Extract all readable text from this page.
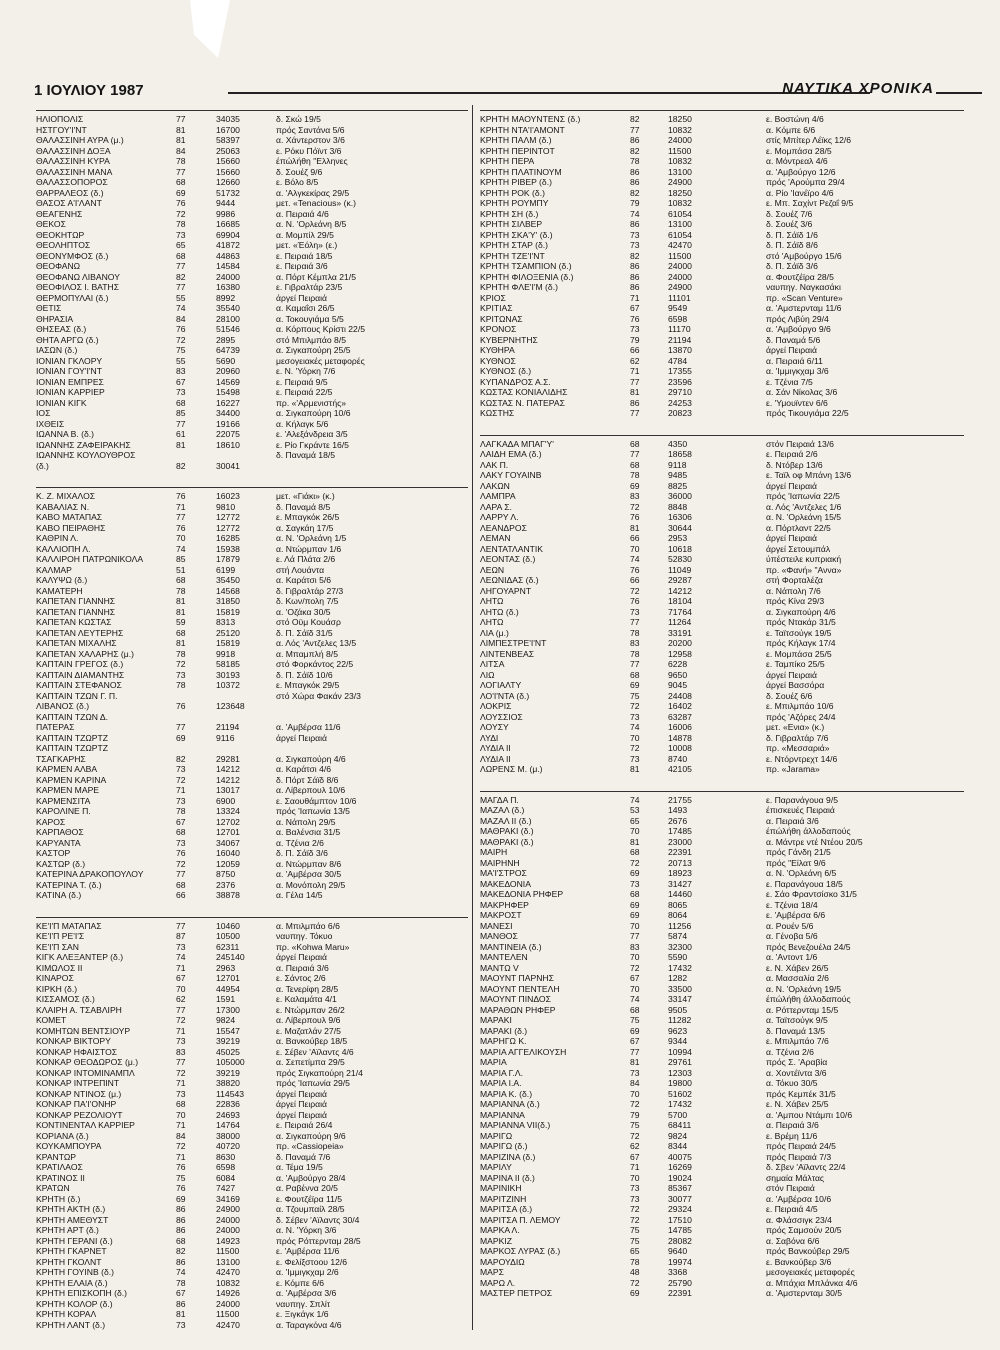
1 ΙΟΥΛΙΟΥ 1987	ΝΑΥΤΙΚΑ ΧΡΟΝΙΚΑ
ΗΛΙΟΠΟΛΙΣ	77	34035	δ. Σκώ 19/5
ΗΣΤΓΟΥ'Ι'ΝΤ	81	16700	πρός Σαντάνα 5/6
ΘΑΛΑΣΣΙΝΗ ΑΥΡΑ (μ.)	81	58397	α. Χάντερστον 3/6
ΘΑΛΑΣΣΙΝΗ ΔΟΞΑ	84	25063	ε. Ρόκυ Πόϊντ 3/6
ΘΑΛΑΣΣΙΝΗ ΚΥΡΑ	78	15660	έπώλήθη "Ελληνες
ΘΑΛΑΣΣΙΝΗ ΜΑΝΑ	77	15660	δ. Σουέζ 9/6
ΘΑΛΑΣΣΟΠΟΡΟΣ	68	12660	ε. Βόλο 8/5
ΘΑΡΡΑΛΕΟΣ (δ.)	69	51732	α. 'Αλγκεκίρας 29/5
ΘΑΣΟΣ Α'Ι'ΛΑΝΤ	76	9444	μετ. «Tenacious» (κ.)
ΘΕΑΓΕΝΗΣ	72	9986	α. Πειραιά 4/6
ΘΕΚΟΣ	78	16685	α. Ν. 'Ορλεάνη 8/5
ΘΕΟΚΗΤΩΡ	73	69904	α. Μομπίλ 29/5
ΘΕΟΛΗΠΤΟΣ	65	41872	μετ. «Έόλη» (ε.)
ΘΕΟΝΥΜΦΟΣ (δ.)	68	44863	ε. Πειραιά 18/5
ΘΕΟΦΑΝΩ	77	14584	ε. Πειραιά 3/6
ΘΕΟΦΑΝΩ ΛΙΒΑΝΟΥ	82	24000	α. Πόρτ Κέμπλα 21/5
ΘΕΟΦΙΛΟΣ Ι. ΒΑΤΗΣ	77	16380	ε. Γιβραλτάρ 23/5
ΘΕΡΜΟΠΥΛΑΙ (δ.)	55	8992	άργεί Πειραιά
ΘΕΤΙΣ	74	35540	α. Καμαΐσι 26/5
ΘΗΡΑΣΙΑ	84	28100	α. Τοκουγιάμα 5/5
ΘΗΣΕΑΣ (δ.)	76	51546	α. Κόρπους Κρίστι 22/5
ΘΗΤΑ ΑΡΓΩ (δ.)	72	2895	στό Μπιλμπάο 8/5
ΙΑΣΩΝ (δ.)	75	64739	α. Σιγκαπούρη 25/5
ΙΟΝΙΑΝ ΓΚΛΟΡΥ	55	5690	μεσογειακές μεταφορές
ΙΟΝΙΑΝ ΓΟΥ'Ι'ΝΤ	83	20960	ε. Ν. 'Υόρκη 7/6
ΙΟΝΙΑΝ ΕΜΠΡΕΣ	67	14569	ε. Πειραιά 9/5
ΙΟΝΙΑΝ ΚΑΡΡΙΕΡ	73	15498	ε. Πειραιά 22/5
ΙΟΝΙΑΝ ΚΙΓΚ	68	16227	πρ. «'Αρμενιστής»
ΙΟΣ	85	34400	α. Σιγκαπούρη 10/6
ΙΧΘΕΙΣ	77	19166	α. Κήλαγκ 5/6
ΙΩΑΝΝΑ Β. (δ.)	61	22075	ε. 'Αλεξάνδρεια 3/5
ΙΩΑΝΝΗΣ ΖΑΦΕΙΡΑΚΗΣ	81	18610	ε. Ρίο Γκράντε 16/5
ΙΩΑΝΝΗΣ ΚΟΥΛΟΥΘΡΟΣ	δ. Παναμά 18/5
(δ.)	82	30041
Κ. Ζ. ΜΙΧΑΛΟΣ	76	16023	μετ. «Γιάκι» (κ.)
ΚΑΒΑΛΙΑΣ Ν.	71	9810	δ. Παναμά 8/5
ΚΑΒΟ ΜΑΤΑΠΑΣ	77	12772	ε. Μπαγκόκ 26/5
ΚΑΒΟ ΠΕΙΡΑΘΗΣ	76	12772	α. Σαγκάη 17/5
ΚΑΘΡΙΝ Λ.	70	16285	α. Ν. 'Ορλεάνη 1/5
ΚΑΛΛΙΟΠΗ Λ.	74	15938	α. Ντώρμπαν 1/6
ΚΑΛΛΙΡΟΗ ΠΑΤΡΩΝΙΚΟΛΑ	85	17879	ε. Λά Πλάτα 2/6
ΚΑΛΜΑΡ	51	6199	στή Λουάντα
ΚΑΛΥΨΩ (δ.)	68	35450	α. Καράτσι 5/6
ΚΑΜΑΤΕΡΗ	78	14568	δ. Γιβραλτάρ 27/3
ΚΑΠΕΤΑΝ ΓΙΑΝΝΗΣ	81	31850	δ. Κων/πολη 7/5
ΚΑΠΕΤΑΝ ΓΙΑΝΝΗΣ	81	15819	α. 'Οζάκα 30/5
ΚΑΠΕΤΑΝ ΚΩΣΤΑΣ	59	8313	στό Οϋμ Κουάσρ
ΚΑΠΕΤΑΝ ΛΕΥΤΕΡΗΣ	68	25120	δ. Π. Σάϊδ 31/5
ΚΑΠΕΤΑΝ ΜΙΧΑΛΗΣ	81	15819	α. Λός 'Αντζελες 13/5
ΚΑΠΕΤΑΝ ΧΑΛΑΡΗΣ (μ.)	78	9918	α. Μπαμπλή 8/5
ΚΑΠΤΑΙΝ ΓΡΕΓΟΣ (δ.)	72	58185	στό Φορκάντος 22/5
ΚΑΠΤΑΙΝ ΔΙΑΜΑΝΤΗΣ	73	30193	δ. Π. Σάϊδ 10/6
ΚΑΠΤΑΙΝ ΣΤΕΦΑΝΟΣ	78	10372	ε. Μπαγκόκ 29/5
ΚΑΠΤΑΙΝ ΤΖΩΝ Γ. Π.	στό Χώρα Φακάν 23/3
ΛΙΒΑΝΟΣ (δ.)	76	123648
ΚΑΠΤΑΙΝ ΤΖΩΝ Δ.
ΠΑΤΕΡΑΣ	77	21194	α. 'Αμβέρσα 11/6
ΚΑΠΤΑΙΝ ΤΖΩΡΤΖ	69	9116	άργεί Πειραιά
ΚΑΠΤΑΙΝ ΤΖΩΡΤΖ
ΤΣΑΓΚΑΡΗΣ	82	29281	α. Σιγκαπούρη 4/6
ΚΑΡΜΕΝ ΑΛΒΑ	73	14212	α. Καράτσι 4/6
ΚΑΡΜΕΝ ΚΑΡΙΝΑ	72	14212	δ. Πόρτ Σάϊδ 8/6
ΚΑΡΜΕΝ ΜΑΡΕ	71	13017	α. Λίβερπουλ 10/6
ΚΑΡΜΕΝΣΙΤΑ	73	6900	ε. Σαουθάμπτον 10/6
ΚΑΡΟΛΙΝΕ Π.	78	13324	πρός 'Ιαπωνία 13/5
ΚΑΡΟΣ	67	12702	α. Νάπολη 29/5
ΚΑΡΠΑΘΟΣ	68	12701	α. Βαλένσια 31/5
ΚΑΡΥΑΝΤΑ	73	34067	α. Τζένια 2/6
ΚΑΣΤΟΡ	76	16040	δ. Π. Σάϊδ 3/6
ΚΑΣΤΩΡ (δ.)	72	12059	α. Ντώρμπαν 8/6
ΚΑΤΕΡΙΝΑ ΔΡΑΚΟΠΟΥΛΟΥ	77	8750	α. 'Αμβέρσα 30/5
ΚΑΤΕΡΙΝΑ Τ. (δ.)	68	2376	α. Μονόπολη 29/5
ΚΑΤΙΝΑ (δ.)	66	38878	α. Γέλα 14/5
ΚΕ'Ι'Π ΜΑΤΑΠΑΣ	77	10460	α. Μπιλμπάο 6/6
ΚΕ'Ι'Π ΡΕ'Ι'Σ	87	10500	ναυπηγ. Τόκυο
ΚΕ'Ι'Π ΣΑΝ	73	62311	πρ. «Kohwa Maru»
ΚΙΓΚ ΑΛΕΞΑΝΤΕΡ (δ.)	74	245140	άργεί Πειραιά
ΚΙΜΩΛΟΣ ΙΙ	71	2963	α. Πειραιά 3/6
ΚΙΝΑΡΟΣ	67	12701	ε. Σάντος 2/6
ΚΙΡΚΗ (δ.)	70	44954	α. Τενερίφη 28/5
ΚΙΣΣΑΜΟΣ (δ.)	62	1591	ε. Καλαμάτα 4/1
ΚΛΑΙΡΗ Α. ΤΣΑΒΛΙΡΗ	77	17300	ε. Ντώρμπαν 26/2
ΚΟΜΕΤ	72	9824	α. Λίβερπουλ 9/6
ΚΟΜΗΤΩΝ ΒΕΝΤΣΙΟΥΡ	71	15547	ε. Μαζατλάν 27/5
ΚΟΝΚΑΡ ΒΙΚΤΟΡΥ	73	39219	α. Βανκούβερ 18/5
ΚΟΝΚΑΡ ΗΦΑΙΣΤΟΣ	83	45025	ε. Σέβεν 'Αϊλαντς 4/6
ΚΟΝΚΑΡ ΘΕΟΔΩΡΟΣ (μ.)	77	105000	α. Σεπετίμπα 29/5
ΚΟΝΚΑΡ ΙΝΤΟΜΙΝΑΜΠΛ	72	39219	πρός Σιγκαπούρη 21/4
ΚΟΝΚΑΡ ΙΝΤΡΕΠΙΝΤ	71	38820	πρός 'Ιαπωνία 29/5
ΚΟΝΚΑΡ ΝΤΙΝΟΣ (μ.)	73	114543	άργεί Πειραιά
ΚΟΝΚΑΡ ΠΑ'Ι'ΟΝΗΡ	68	22836	άργεί Πειραιά
ΚΟΝΚΑΡ ΡΕΖΟΛΙΟΥΤ	70	24693	άργεί Πειραιά
ΚΟΝΤΙΝΕΝΤΑΛ ΚΑΡΡΙΕΡ	71	14764	ε. Πειραιά 26/4
ΚΟΡΙΑΝΑ (δ.)	84	38000	α. Σιγκαπούρη 9/6
ΚΟΥΚΑΜΠΟΥΡΑ	72	40720	πρ. «Cassiopeia»
ΚΡΑΝΤΩΡ	71	8630	δ. Παναμά 7/6
ΚΡΑΤΙΛΑΟΣ	76	6598	α. Τέμα 19/5
ΚΡΑΤΙΝΟΣ ΙΙ	75	6084	α. 'Αμβούργο 28/4
ΚΡΑΤΩΝ	76	7427	α. Ραβέννα 20/5
ΚΡΗΤΗ (δ.)	69	34169	ε. Φουτζέϊρα 11/5
ΚΡΗΤΗ ΑΚΤΗ (δ.)	86	24900	α. Τζουμπαίλ 28/5
ΚΡΗΤΗ ΑΜΕΘΥΣΤ	86	24000	δ. Σέβεν 'Αϊλαντς 30/4
ΚΡΗΤΗ ΑΡΤ (δ.)	86	24000	α. Ν. 'Υόρκη 3/6
ΚΡΗΤΗ ΓΕΡΑΝΙ (δ.)	68	14923	πρός Ρόττερνταμ 28/5
ΚΡΗΤΗ ΓΚΑΡΝΕΤ	82	11500	ε. 'Αμβέρσα 11/6
ΚΡΗΤΗ ΓΚΟΛΝΤ	86	13100	ε. Φελίξστοου 12/6
ΚΡΗΤΗ ΓΟΥΙΝΒ (δ.)	74	42470	α. 'Ιμμιγκχαμ 2/6
ΚΡΗΤΗ ΕΛΑΙΑ (δ.)	78	10832	ε. Κόμπε 6/6
ΚΡΗΤΗ ΕΠΙΣΚΟΠΗ (δ.)	67	14926	α. 'Αμβέρσα 3/6
ΚΡΗΤΗ ΚΟΛΟΡ (δ.)	86	24000	ναυπηγ. Σπλίτ
ΚΡΗΤΗ ΚΟΡΑΛ	81	11500	ε. Ξιγκάγκ 1/6
ΚΡΗΤΗ ΛΑΝΤ (δ.)	73	42470	α. Ταραγκόνα 4/6
ΚΡΗΤΗ ΜΑΟΥΝΤΕΝΣ (δ.)	82	18250	ε. Βοστώνη 4/6
ΚΡΗΤΗ ΝΤΑ'Ι'ΑΜΟΝΤ	77	10832	α. Κόμπε 6/6
ΚΡΗΤΗ ΠΑΛΜ (δ.)	86	24000	στίς Μπίτερ Λέϊκς 12/6
ΚΡΗΤΗ ΠΕΡΙΝΤΟΤ	82	11500	ε. Μομπάσα 28/5
ΚΡΗΤΗ ΠΕΡΑ	78	10832	α. Μόντρεαλ 4/6
ΚΡΗΤΗ ΠΛΑΤΙΝΟΥΜ	86	13100	α. 'Αμβούργο 12/6
ΚΡΗΤΗ ΡΙΒΕΡ (δ.)	86	24900	πρός 'Αρούμπα 29/4
ΚΡΗΤΗ ΡΟΚ (δ.)	82	18250	α. Ρίο 'Ιανέϊρο 4/6
ΚΡΗΤΗ ΡΟΥΜΠΥ	79	10832	ε. Μπ. Σαχίντ Ρεζαΐ 9/5
ΚΡΗΤΗ ΣΗ (δ.)	74	61054	δ. Σουέζ 7/6
ΚΡΗΤΗ ΣΙΛΒΕΡ	86	13100	δ. Σουέζ 3/6
ΚΡΗΤΗ ΣΚΑ'Υ' (δ.)	73	61054	δ. Π. Σάϊδ 1/6
ΚΡΗΤΗ ΣΤΑΡ (δ.)	73	42470	δ. Π. Σάϊδ 8/6
ΚΡΗΤΗ ΤΖΕ'Ι'ΝΤ	82	11500	στό 'Αμβούργο 15/6
ΚΡΗΤΗ ΤΣΑΜΠΙΟΝ (δ.)	86	24000	δ. Π. Σάϊδ 3/6
ΚΡΗΤΗ ΦΙΛΟΞΕΝΙΑ (δ.)	86	24000	α. Φουτζέϊρα 28/5
ΚΡΗΤΗ ΦΛΕ'Ι'Μ (δ.)	86	24900	ναυπηγ. Ναγκασάκι
ΚΡΙΟΣ	71	11101	πρ. «Scan Venture»
ΚΡΙΤΙΑΣ	67	9549	α. 'Αμστερνταμ 11/6
ΚΡΙΤΩΝΑΣ	76	6598	πρός Λιβύη 29/4
ΚΡΟΝΟΣ	73	11170	α. 'Αμβούργο 9/6
ΚΥΒΕΡΝΗΤΗΣ	79	21194	δ. Παναμά 5/6
ΚΥΘΗΡΑ	66	13870	άργεί Πειραιά
ΚΥΘΝΟΣ	62	4784	α. Πειραιά 6/11
ΚΥΘΝΟΣ (δ.)	71	17355	α. 'Ιμμιγκχαμ 3/6
ΚΥΠΑΝΔΡΟΣ Α.Σ.	77	23596	ε. Τζένια 7/5
ΚΩΣΤΑΣ ΚΟΝΙΑΛΙΔΗΣ	81	29710	α. Σάν Νίκολας 3/6
ΚΩΣΤΑΣ Ν. ΠΑΤΕΡΑΣ	86	24253	ε. 'Υμουϊντεν 6/6
ΚΩΣΤΗΣ	77	20823	πρός Τικουγιάμα 22/5
ΛΑΓΚΑΔΑ ΜΠΑΓ'Υ'	68	4350	στόν Πειραιά 13/6
ΛΑΙΔΗ ΕΜΑ (δ.)	77	18658	ε. Πειραιά 2/6
ΛΑΚ Π.	68	9118	δ. Ντόβερ 13/6
ΛΑΚΥ ΓΟΥΑΙΝΒ	78	9485	ε. Ταϊλ οφ Μπάνη 13/6
ΛΑΚΩΝ	69	8825	άργεί Πειραιά
ΛΑΜΠΡΑ	83	36000	πρός 'Ιαπωνία 22/5
ΛΑΡΑ Σ.	72	8848	α. Λός 'Αντζελες 1/6
ΛΑΡΡΥ Λ.	76	16306	α. Ν. 'Ορλεάνη 15/5
ΛΕΑΝΔΡΟΣ	81	30644	α. Πόρτλαντ 22/5
ΛΕΜΑΝ	66	2953	άργεί Πειραιά
ΛΕΝΤΑΤΛΑΝΤΙΚ	70	10618	άργεί Σετουμπάλ
ΛΕΟΝΤΑΣ (δ.)	74	52830	ύπέστειλε κυπριακή
ΛΕΩΝ	76	11049	πρ. «Φανή» "Αννα»
ΛΕΩΝΙΔΑΣ (δ.)	66	29287	στή Φορταλέζα
ΛΗΓΟΥΑΡΝΤ	72	14212	α. Νάπολη 7/6
ΛΗΤΩ	76	18104	πρός Κίνα 29/3
ΛΗΤΩ (δ.)	73	71764	α. Σιγκαπούρη 4/6
ΛΗΤΩ	77	11264	πρός Ντακάρ 31/5
ΛΙΑ (μ.)	78	33191	ε. Ταϊτσούγκ 19/5
ΛΙΜΠΕΣΤΡΕ'Ι'ΝΤ	83	20200	πρός Κήλαγκ 17/4
ΛΙΝΤΕΝΒΕΑΣ	78	12958	ε. Μομπάσα 25/5
ΛΙΤΣΑ	77	6228	ε. Ταμπίκο 25/5
ΛΙΩ	68	9650	άργεί Πειραιά
ΛΟΓΙΑΛΤΥ	69	9045	άργεί Βασσόρα
ΛΟ'Ι'ΝΤΑ (δ.)	75	24408	δ. Σουέζ 6/6
ΛΟΚΡΙΣ	72	16402	ε. Μπιλμπάο 10/6
ΛΟΥΣΣΙΟΣ	73	63287	πρός 'Αζόρες 24/4
ΛΟΥΣΥ	74	16006	μετ. «Ενια» (κ.)
ΛΥΔΙ	70	14878	δ. Γιβραλτάρ 7/6
ΛΥΔΙΑ ΙΙ	72	10008	πρ. «Μεσσαριά»
ΛΥΔΙΑ ΙΙ	73	8740	ε. Ντόρντρεχτ 14/6
ΛΩΡΕΝΣ Μ. (μ.)	81	42105	πρ. «Jarama»
ΜΑΓΔΑ Π.	74	21755	ε. Παρανάγουα 9/5
ΜΑΖΑΛ (δ.)	53	1493	έπισκευές Πειραιά
ΜΑΖΑΛ ΙΙ (δ.)	65	2676	α. Πειραιά 3/6
ΜΑΘΡΑΚΙ (δ.)	70	17485	έπώλήθη άλλοδαπούς
ΜΑΘΡΑΚΙ (δ.)	81	23000	α. Μάντρε ντέ Ντέου 20/5
ΜΑΙΡΗ	68	22391	πρός Γάνδη 21/5
ΜΑΙΡΗΝΗ	72	20713	πρός "Είλατ 9/6
ΜΑ'Ι'ΣΤΡΟΣ	69	18923	α. Ν. 'Ορλεάνη 6/5
ΜΑΚΕΔΟΝΙΑ	73	31427	ε. Παρανάγουα 18/5
ΜΑΚΕΔΟΝΙΑ ΡΗΦΕΡ	68	14460	ε. Σάο Φραντσίσκο 31/5
ΜΑΚΡΗΦΕΡ	69	8065	ε. Τζένια 18/4
ΜΑΚΡΟΣΤ	69	8064	ε. 'Αμβέρσα 6/6
ΜΑΝΕΣΙ	70	11256	α. Ρουέν 5/6
ΜΑΝΘΟΣ	77	5874	α. Γένοβα 5/6
ΜΑΝΤΙΝΕΙΑ (δ.)	83	32300	πρός Βενεζουέλα 24/5
ΜΑΝΤΕΛΕΝ	70	5590	α. 'Αντοντ 1/6
ΜΑΝΤΩ V	72	17432	ε. Ν. Χάβεν 26/5
ΜΑΟΥΝΤ ΠΑΡΝΗΣ	67	1282	α. Μασσαλία 2/6
ΜΑΟΥΝΤ ΠΕΝΤΕΛΗ	70	33500	α. Ν. 'Ορλεάνη 19/5
ΜΑΟΥΝΤ ΠΙΝΔΟΣ	74	33147	έπώλήθη άλλοδαπούς
ΜΑΡΑΘΩΝ ΡΗΦΕΡ	68	9505	α. Ρόττερνταμ 15/5
ΜΑΡΑΚΙ	75	11282	α. Ταϊτσούγκ 9/5
ΜΑΡΑΚΙ (δ.)	69	9623	δ. Παναμά 13/5
ΜΑΡΗΓΩ Κ.	67	9344	ε. Μπιλμπάο 7/6
ΜΑΡΙΑ ΑΓΓΕΛΙΚΟΥΣΗ	77	10994	α. Τζένια 2/6
ΜΑΡΙΑ	81	29761	πρός Σ. 'Αραβία
ΜΑΡΙΑ Γ.Λ.	73	12303	α. Χοντέϊντα 3/6
ΜΑΡΙΑ Ι.Α.	84	19800	α. Τόκυο 30/5
ΜΑΡΙΑ Κ. (δ.)	70	51602	πρός Κεμπέκ 31/5
ΜΑΡΙΑΝΝΑ (δ.)	72	17432	ε. Ν. Χάβεν 25/5
ΜΑΡΙΑΝΝΑ	79	5700	α. 'Αμπου Ντάμπι 10/6
ΜΑΡΙΑΝΝΑ VII(δ.)	75	68411	α. Πειραιά 3/6
ΜΑΡΙΓΩ	72	9824	ε. Βρέμη 11/6
ΜΑΡΙΓΩ (δ.)	62	8344	πρός Πειραιά 24/5
ΜΑΡΙΖΙΝΑ (δ.)	67	40075	πρός Πειραιά 7/3
ΜΑΡΙΛΥ	71	16269	δ. Σβεν 'Αϊλαντς 22/4
ΜΑΡΙΝΑ ΙΙ (δ.)	70	19024	σημαία Μάλτας
ΜΑΡΙΝΙΚΗ	73	85367	στόν Πειραιά
ΜΑΡΙΤΖΙΝΗ	73	30077	α. 'Αμβέρσα 10/6
ΜΑΡΙΤΣΑ (δ.)	72	29324	ε. Πειραιά 4/5
ΜΑΡΙΤΣΑ Π. ΛΕΜΟΥ	72	17510	α. Φλάσσιγκ 23/4
ΜΑΡΚΑ Λ.	75	14785	πρός Σαμσούν 20/5
ΜΑΡΚΙΖ	75	28082	α. Σαβόνα 6/6
ΜΑΡΚΟΣ ΛΥΡΑΣ (δ.)	65	9640	πρός Βανκούβερ 29/5
ΜΑΡΟΥΔΙΩ	78	19974	ε. Βανκούβερ 3/6
ΜΑΡΣ	48	3368	μεσογειακές μεταφορές
ΜΑΡΩ Λ.	72	25790	α. Μπάχια Μπλάνκα 4/6
ΜΑΣΤΕΡ ΠΕΤΡΟΣ	69	22391	α. 'Αμστερνταμ 30/5
